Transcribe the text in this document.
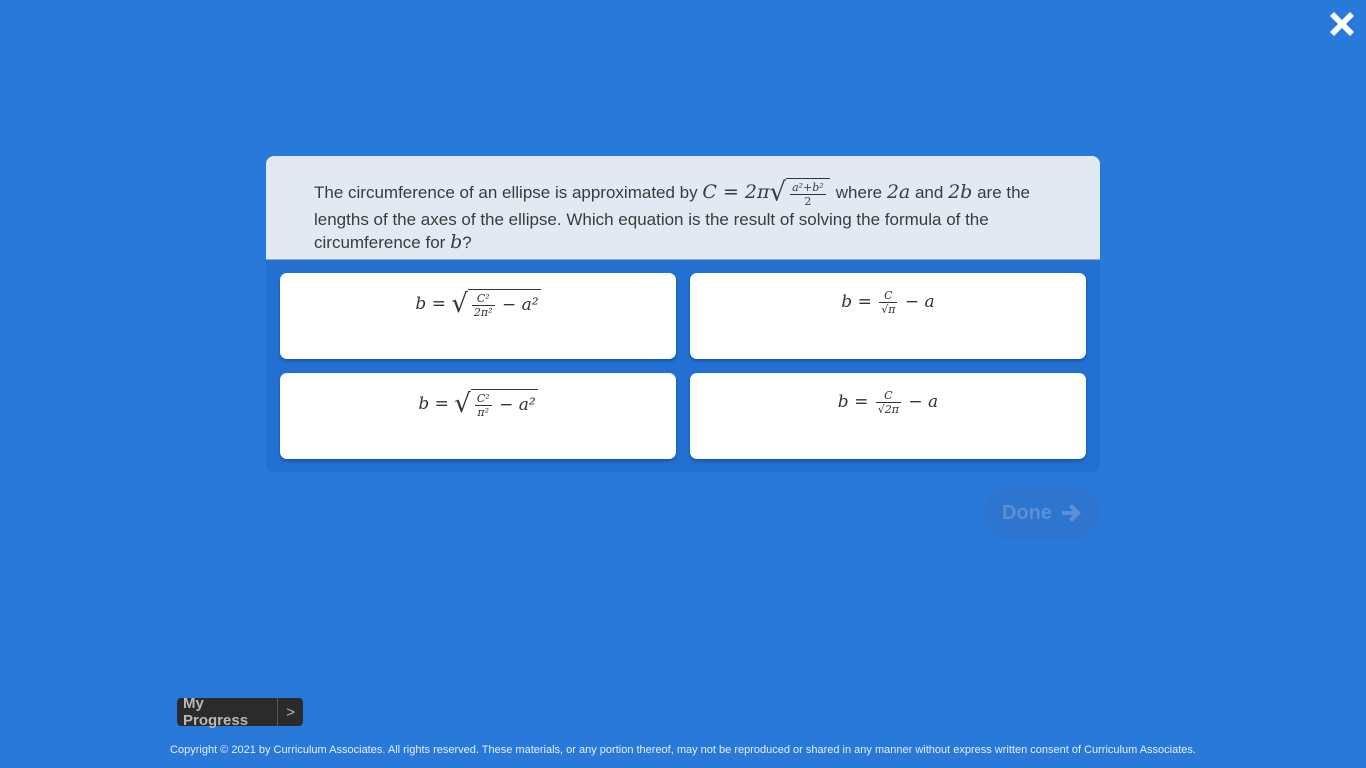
The circumference of an ellipse is approximated by $C = 2\pi√ \frac{\text{a²+b²}}{2}$ where 2a and 2b are the lengths of the axes of the ellipse. Which equation is the result of solving the formula of the circumference for b?
b = √ $\frac{\text{C²}}{\text{2π²}} - a^2$	$b = \frac{C}{√\pi} - a$
b = √ $\frac{\text{C²}}{\text{π²}} - a^2$	$b = \frac{C}{√2\pi} - a$
Done
My Progress	>
Copyright © 2021 by Curriculum Associates. All rights reserved. These materials, or any portion thereof, may not be reproduced or shared in any manner without express written consent of Curriculum Associates.
